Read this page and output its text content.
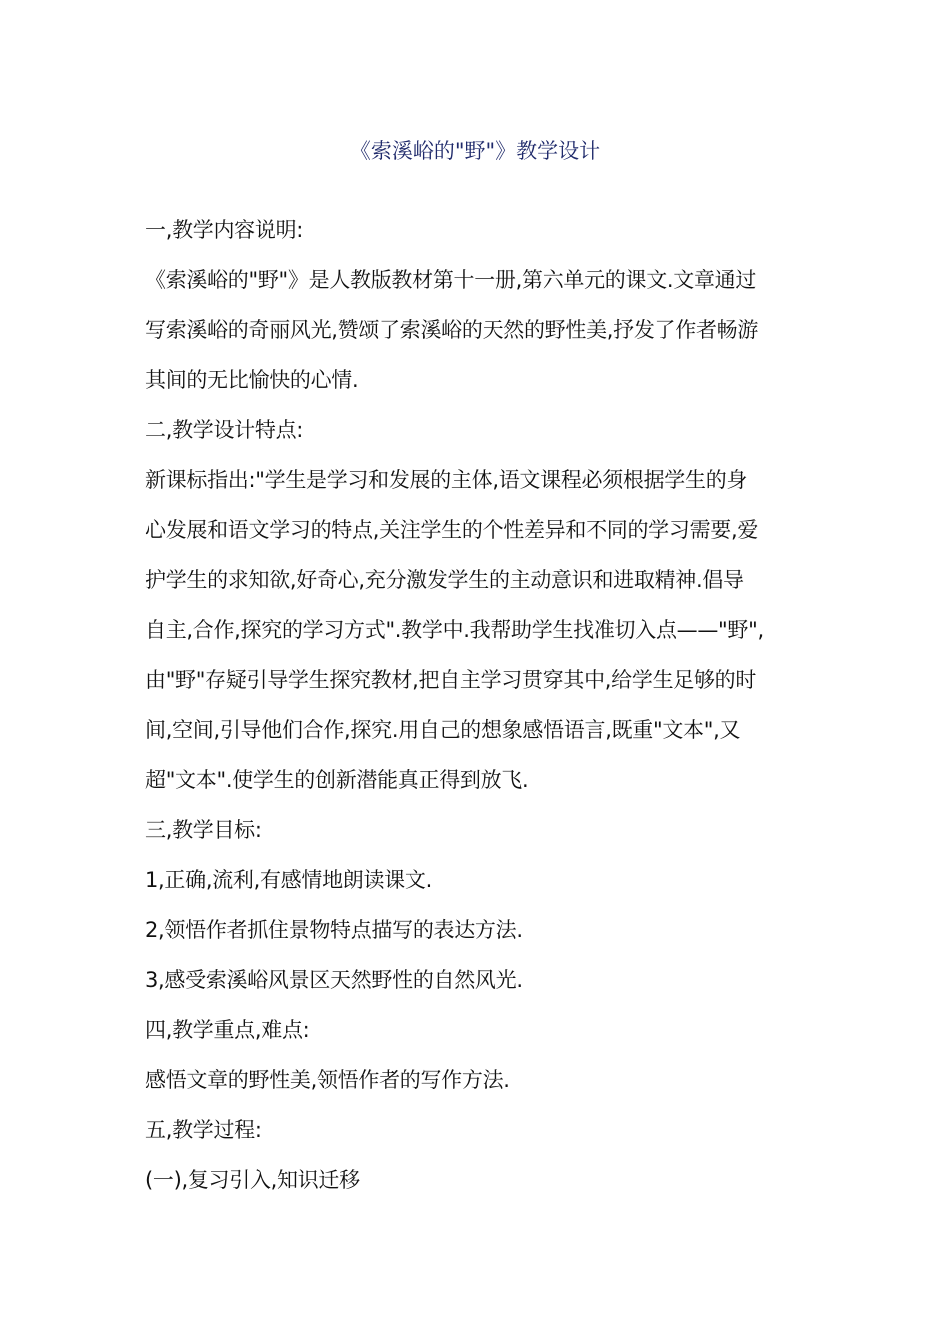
《索溪峪的"野"》教学设计
一,教学内容说明:
《索溪峪的"野"》是人教版教材第十一册,第六单元的课文.文章通过
写索溪峪的奇丽风光,赞颂了索溪峪的天然的野性美,抒发了作者畅游
其间的无比愉快的心情.
二,教学设计特点:
新课标指出:"学生是学习和发展的主体,语文课程必须根据学生的身
心发展和语文学习的特点,关注学生的个性差异和不同的学习需要,爱
护学生的求知欲,好奇心,充分激发学生的主动意识和进取精神.倡导
自主,合作,探究的学习方式".教学中.我帮助学生找准切入点——"野",
由"野"存疑引导学生探究教材,把自主学习贯穿其中,给学生足够的时
间,空间,引导他们合作,探究.用自己的想象感悟语言,既重"文本",又
超"文本".使学生的创新潜能真正得到放飞.
三,教学目标:
1,正确,流利,有感情地朗读课文.
2,领悟作者抓住景物特点描写的表达方法.
3,感受索溪峪风景区天然野性的自然风光.
四,教学重点,难点:
感悟文章的野性美,领悟作者的写作方法.
五,教学过程:
(一),复习引入,知识迁移
